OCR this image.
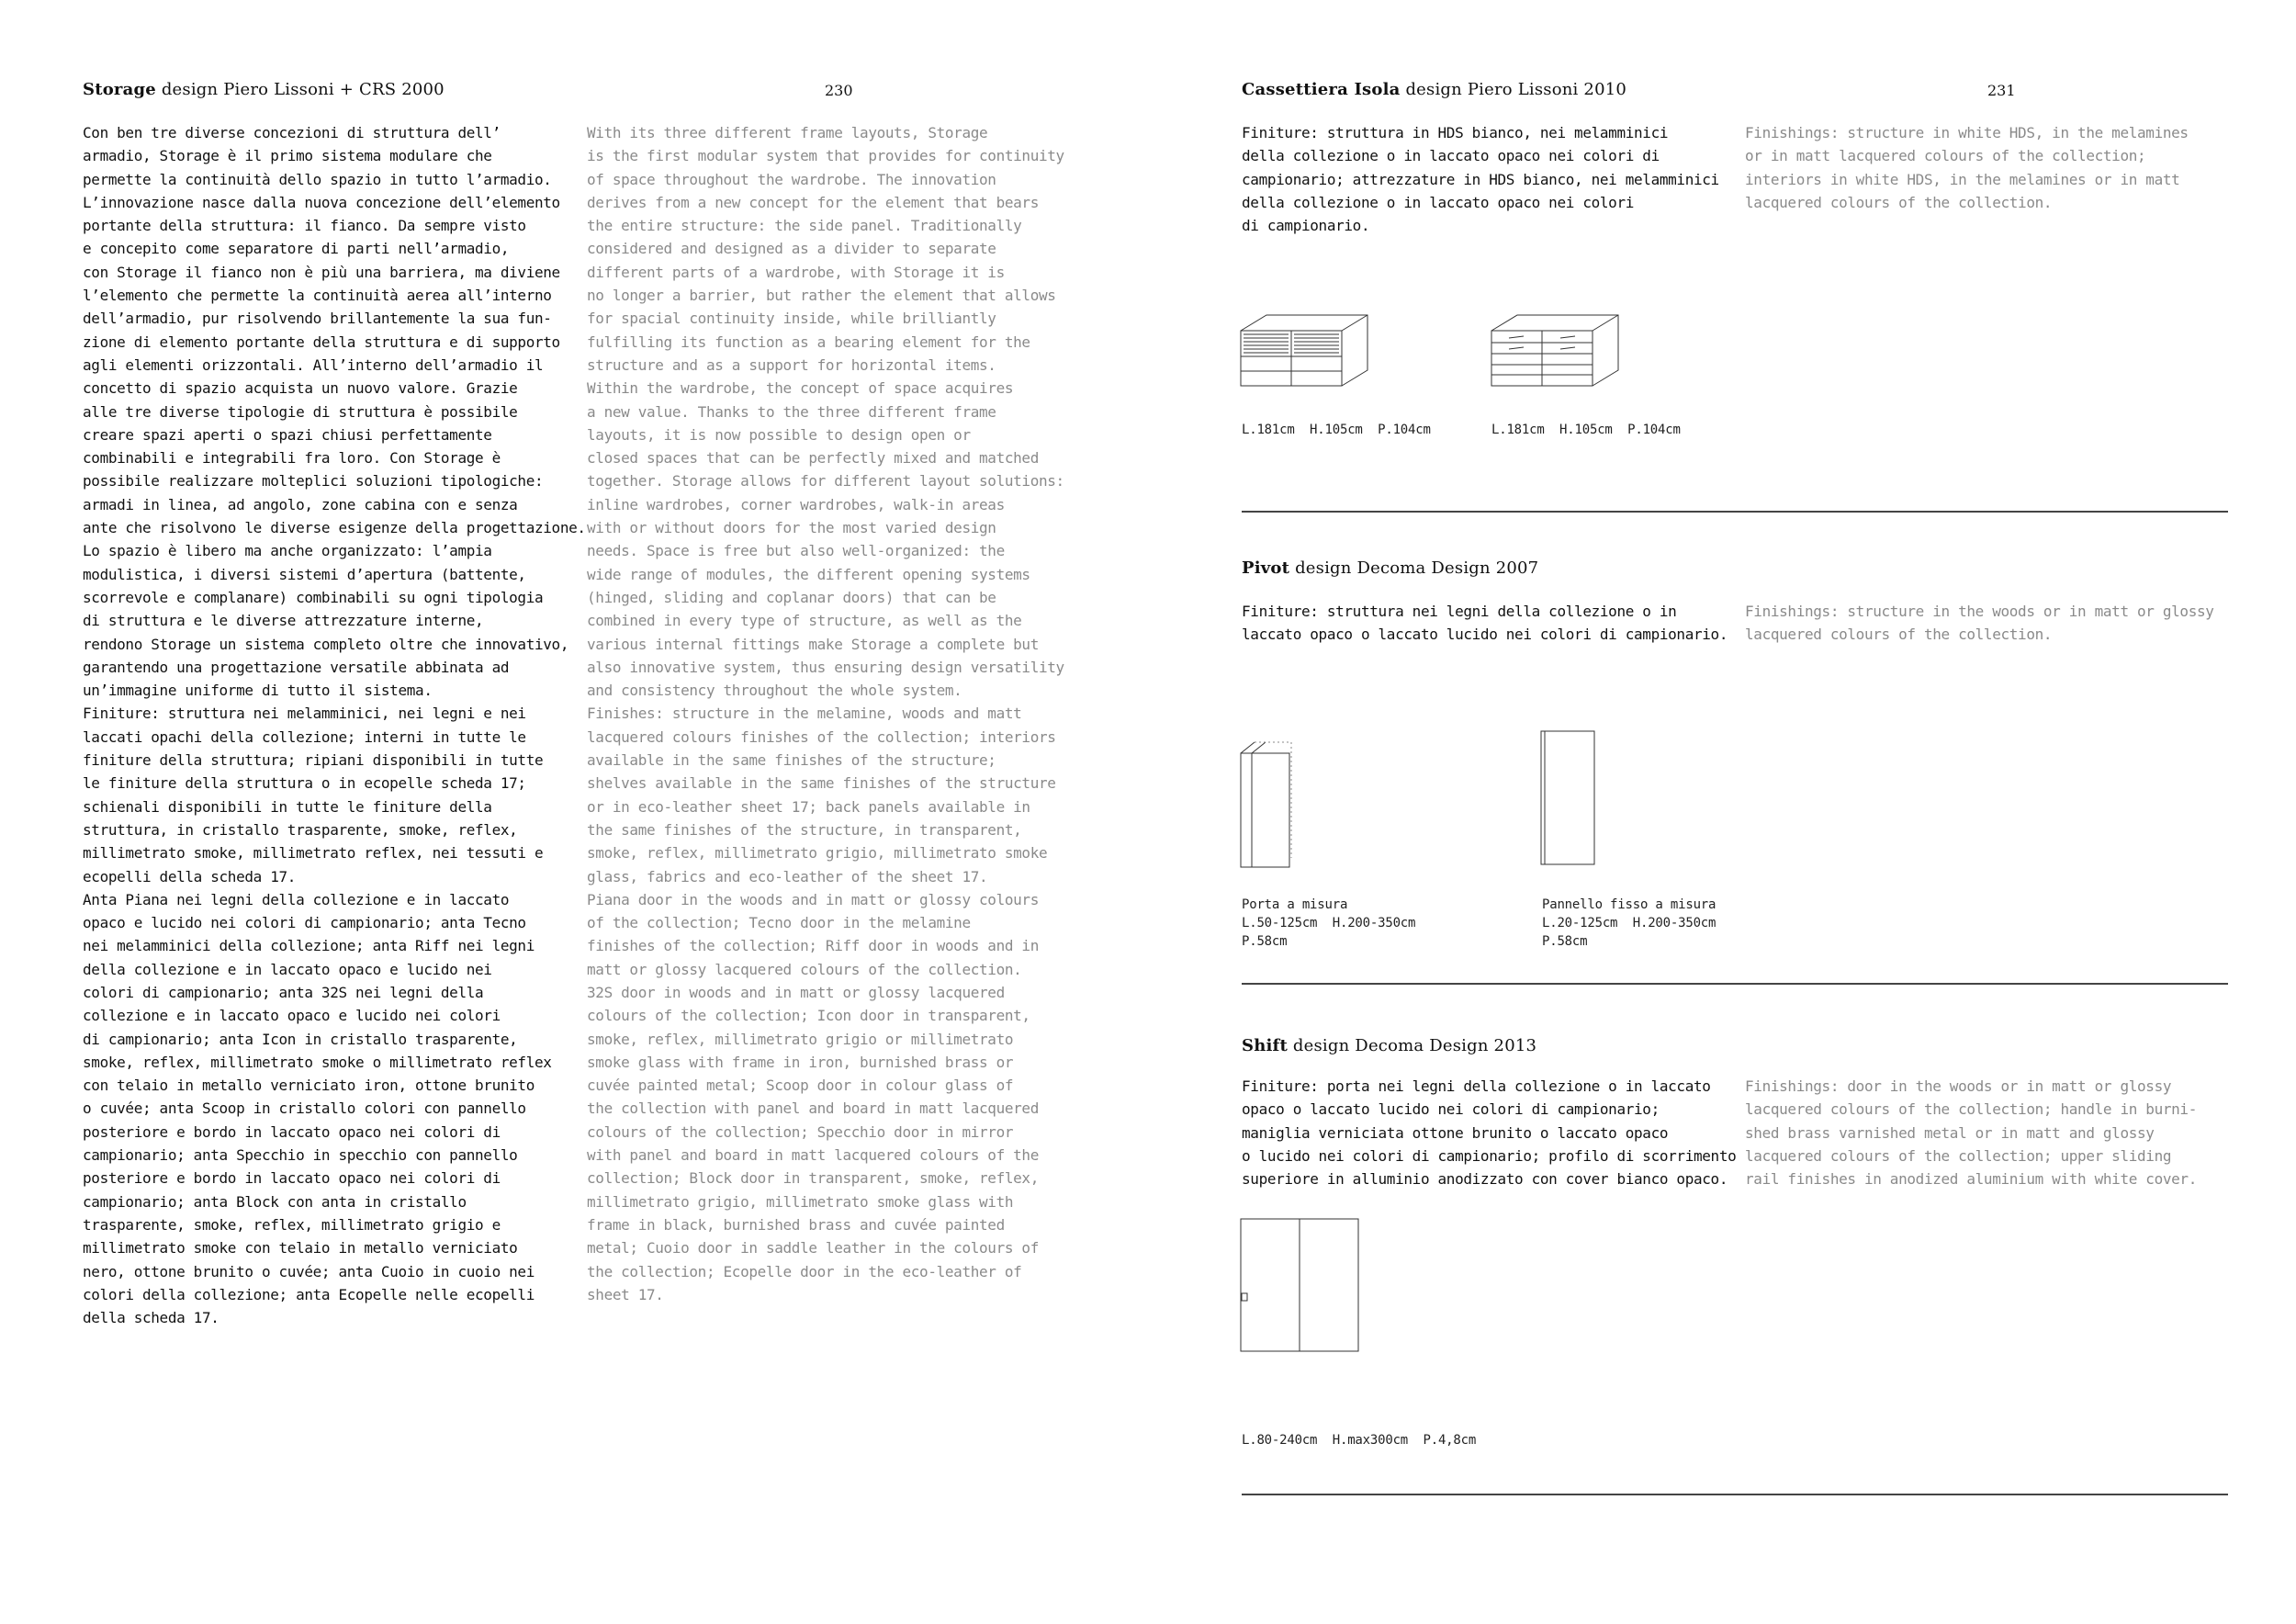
Storage design Piero Lissoni + CRS 2000	230
Con ben tre diverse concezioni di struttura dell’
armadio, Storage è il primo sistema modulare che
permette la continuità dello spazio in tutto l’armadio.
L’innovazione nasce dalla nuova concezione dell’elemento
portante della struttura: il fianco. Da sempre visto
e concepito come separatore di parti nell’armadio,
con Storage il fianco non è più una barriera, ma diviene
l’elemento che permette la continuità aerea all’interno
dell’armadio, pur risolvendo brillantemente la sua fun-
zione di elemento portante della struttura e di supporto
agli elementi orizzontali. All’interno dell’armadio il
concetto di spazio acquista un nuovo valore. Grazie
alle tre diverse tipologie di struttura è possibile
creare spazi aperti o spazi chiusi perfettamente
combinabili e integrabili fra loro. Con Storage è
possibile realizzare molteplici soluzioni tipologiche:
armadi in linea, ad angolo, zone cabina con e senza
ante che risolvono le diverse esigenze della progettazione.
Lo spazio è libero ma anche organizzato: l’ampia
modulistica, i diversi sistemi d’apertura (battente,
scorrevole e complanare) combinabili su ogni tipologia
di struttura e le diverse attrezzature interne,
rendono Storage un sistema completo oltre che innovativo,
garantendo una progettazione versatile abbinata ad
un’immagine uniforme di tutto il sistema.
Finiture: struttura nei melamminici, nei legni e nei
laccati opachi della collezione; interni in tutte le
finiture della struttura; ripiani disponibili in tutte
le finiture della struttura o in ecopelle scheda 17;
schienali disponibili in tutte le finiture della
struttura, in cristallo trasparente, smoke, reflex,
millimetrato smoke, millimetrato reflex, nei tessuti e
ecopelli della scheda 17.
Anta Piana nei legni della collezione e in laccato
opaco e lucido nei colori di campionario; anta Tecno
nei melamminici della collezione; anta Riff nei legni
della collezione e in laccato opaco e lucido nei
colori di campionario; anta 32S nei legni della
collezione e in laccato opaco e lucido nei colori
di campionario; anta Icon in cristallo trasparente,
smoke, reflex, millimetrato smoke o millimetrato reflex
con telaio in metallo verniciato iron, ottone brunito
o cuvée; anta Scoop in cristallo colori con pannello
posteriore e bordo in laccato opaco nei colori di
campionario; anta Specchio in specchio con pannello
posteriore e bordo in laccato opaco nei colori di
campionario; anta Block con anta in cristallo
trasparente, smoke, reflex, millimetrato grigio e
millimetrato smoke con telaio in metallo verniciato
nero, ottone brunito o cuvée; anta Cuoio in cuoio nei
colori della collezione; anta Ecopelle nelle ecopelli
della scheda 17.
With its three different frame layouts, Storage
is the first modular system that provides for continuity
of space throughout the wardrobe. The innovation
derives from a new concept for the element that bears
the entire structure: the side panel. Traditionally
considered and designed as a divider to separate
different parts of a wardrobe, with Storage it is
no longer a barrier, but rather the element that allows
for spacial continuity inside, while brilliantly
fulfilling its function as a bearing element for the
structure and as a support for horizontal items.
Within the wardrobe, the concept of space acquires
a new value. Thanks to the three different frame
layouts, it is now possible to design open or
closed spaces that can be perfectly mixed and matched
together. Storage allows for different layout solutions:
inline wardrobes, corner wardrobes, walk-in areas
with or without doors for the most varied design
needs. Space is free but also well-organized: the
wide range of modules, the different opening systems
(hinged, sliding and coplanar doors) that can be
combined in every type of structure, as well as the
various internal fittings make Storage a complete but
also innovative system, thus ensuring design versatility
and consistency throughout the whole system.
Finishes: structure in the melamine, woods and matt
lacquered colours finishes of the collection; interiors
available in the same finishes of the structure;
shelves available in the same finishes of the structure
or in eco-leather sheet 17; back panels available in
the same finishes of the structure, in transparent,
smoke, reflex, millimetrato grigio, millimetrato smoke
glass, fabrics and eco-leather of the sheet 17.
Piana door in the woods and in matt or glossy colours
of the collection; Tecno door in the melamine
finishes of the collection; Riff door in woods and in
matt or glossy lacquered colours of the collection.
32S door in woods and in matt or glossy lacquered
colours of the collection; Icon door in transparent,
smoke, reflex, millimetrato grigio or millimetrato
smoke glass with frame in iron, burnished brass or
cuvée painted metal; Scoop door in colour glass of
the collection with panel and board in matt lacquered
colours of the collection; Specchio door in mirror
with panel and board in matt lacquered colours of the
collection; Block door in transparent, smoke, reflex,
millimetrato grigio, millimetrato smoke glass with
frame in black, burnished brass and cuvée painted
metal; Cuoio door in saddle leather in the colours of
the collection; Ecopelle door in the eco-leather of
sheet 17.
Cassettiera Isola design Piero Lissoni 2010	231
Finiture: struttura in HDS bianco, nei melamminici
della collezione o in laccato opaco nei colori di
campionario; attrezzature in HDS bianco, nei melamminici
della collezione o in laccato opaco nei colori
di campionario.
Finishings: structure in white HDS, in the melamines
or in matt lacquered colours of the collection;
interiors in white HDS, in the melamines or in matt
lacquered colours of the collection.
L.181cm  H.105cm  P.104cm	L.181cm  H.105cm  P.104cm
Pivot design Decoma Design 2007
Finiture: struttura nei legni della collezione o in
laccato opaco o laccato lucido nei colori di campionario.
Finishings: structure in the woods or in matt or glossy
lacquered colours of the collection.
Porta a misura
L.50-125cm  H.200-350cm
P.58cm
Pannello fisso a misura
L.20-125cm  H.200-350cm
P.58cm
Shift design Decoma Design 2013
Finiture: porta nei legni della collezione o in laccato
opaco o laccato lucido nei colori di campionario;
maniglia verniciata ottone brunito o laccato opaco
o lucido nei colori di campionario; profilo di scorrimento
superiore in alluminio anodizzato con cover bianco opaco.
Finishings: door in the woods or in matt or glossy
lacquered colours of the collection; handle in burni-
shed brass varnished metal or in matt and glossy
lacquered colours of the collection; upper sliding
rail finishes in anodized aluminium with white cover.
L.80-240cm  H.max300cm  P.4,8cm
